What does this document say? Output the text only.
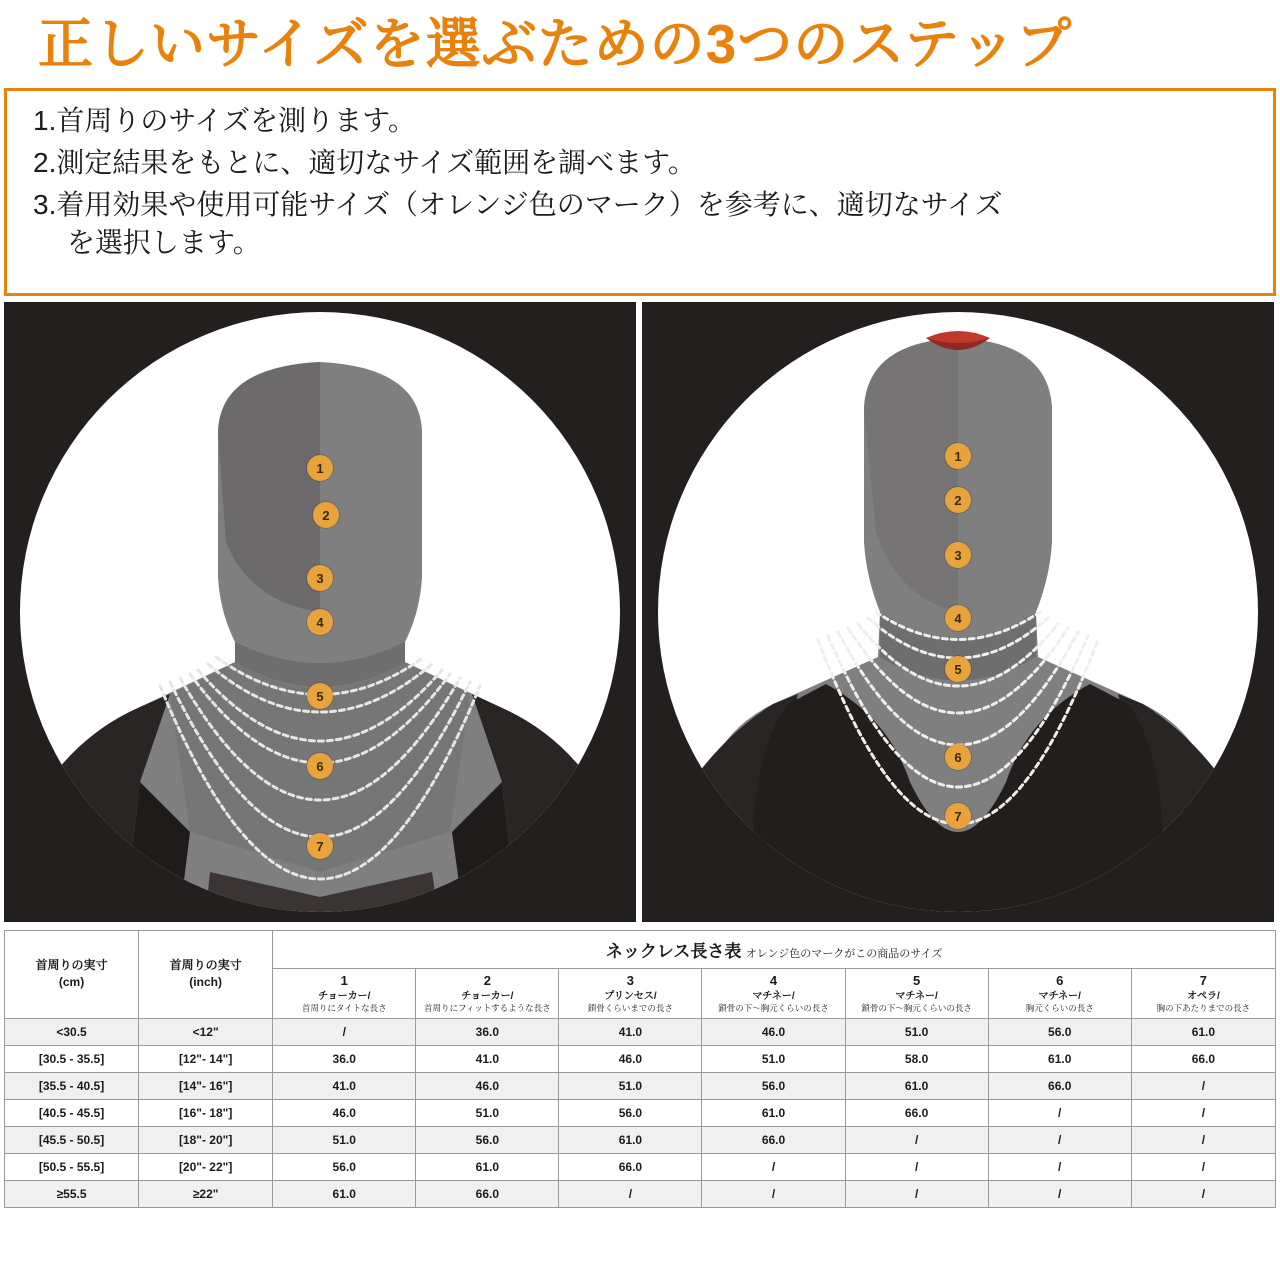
正しいサイズを選ぶための3つのステップ

1.首周りのサイズを測ります。

2.測定結果をもとに、適切なサイズ範囲を調べます。

3.着用効果や使用可能サイズ（オレンジ色のマーク）を参考に、適切なサイズ

を選択します。

1
2
3
4
5
6
7
1
2
3
4
5
6
7
首周りの実寸
(cm)

首周りの実寸
(inch)
	ネックレス長さ表 オレンジ色のマークがこの商品のサイズ

1
チョーカー/
首周りにタイトな長さ

2
チョーカー/
首周りにフィットするような長さ

3
プリンセス/
鎖骨くらいまでの長さ

4
マチネー/
鎖骨の下〜胸元くらいの長さ

5
マチネー/
鎖骨の下〜胸元くらいの長さ

6
マチネー/
胸元くらいの長さ

7
オペラ/
胸の下あたりまでの長さ

<30.5	<12"	/	36.0	41.0	46.0	51.0	56.0	61.0
[30.5 - 35.5]	[12"- 14"]	36.0	41.0	46.0	51.0	58.0	61.0	66.0
[35.5 - 40.5]	[14"- 16"]	41.0	46.0	51.0	56.0	61.0	66.0	/
[40.5 - 45.5]	[16"- 18"]	46.0	51.0	56.0	61.0	66.0	/	/
[45.5 - 50.5]	[18"- 20"]	51.0	56.0	61.0	66.0	/	/	/
[50.5 - 55.5]	[20"- 22"]	56.0	61.0	66.0	/	/	/	/
≥55.5	≥22"	61.0	66.0	/	/	/	/	/
